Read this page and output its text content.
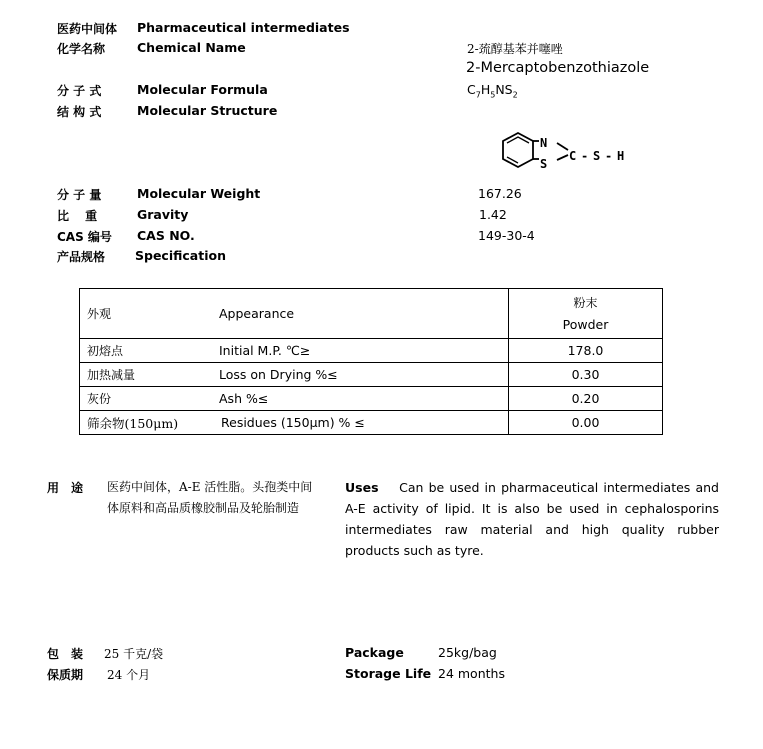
医药中间体 Pharmaceutical intermediates
化学名称	Chemical Name	2-巯醇基苯并噻唑
2-Mercaptobenzothiazole
分 子 式	Molecular Formula	$C_7H_5NS_2$
结 构 式	Molecular Structure
N
S
C - S - H
分 子 量	Molecular Weight	167.26
比　 重	Gravity	1.42
CAS 编号 CAS NO.	149-30-4
产品规格 Specification
外观	Appearance	粉末
Powder

初熔点	Initial M.P. ℃≥	178.0
加热减量	Loss on Drying %≤	0.30
灰份	Ash %≤	0.20
筛余物(150μm)	Residues (150μm) % ≤	0.00
用　途 医药中间体，A-E 活性脂。头孢类中间体原料和高品质橡胶制品及轮胎制造
Uses Can be used in pharmaceutical intermediates and A-E activity of lipid. It is also be used in cephalosporins intermediates raw material and high quality rubber products such as tyre.
包　装 25 千克/袋	Package	25kg/bag
保质期 24 个月	Storage Life 24 months
